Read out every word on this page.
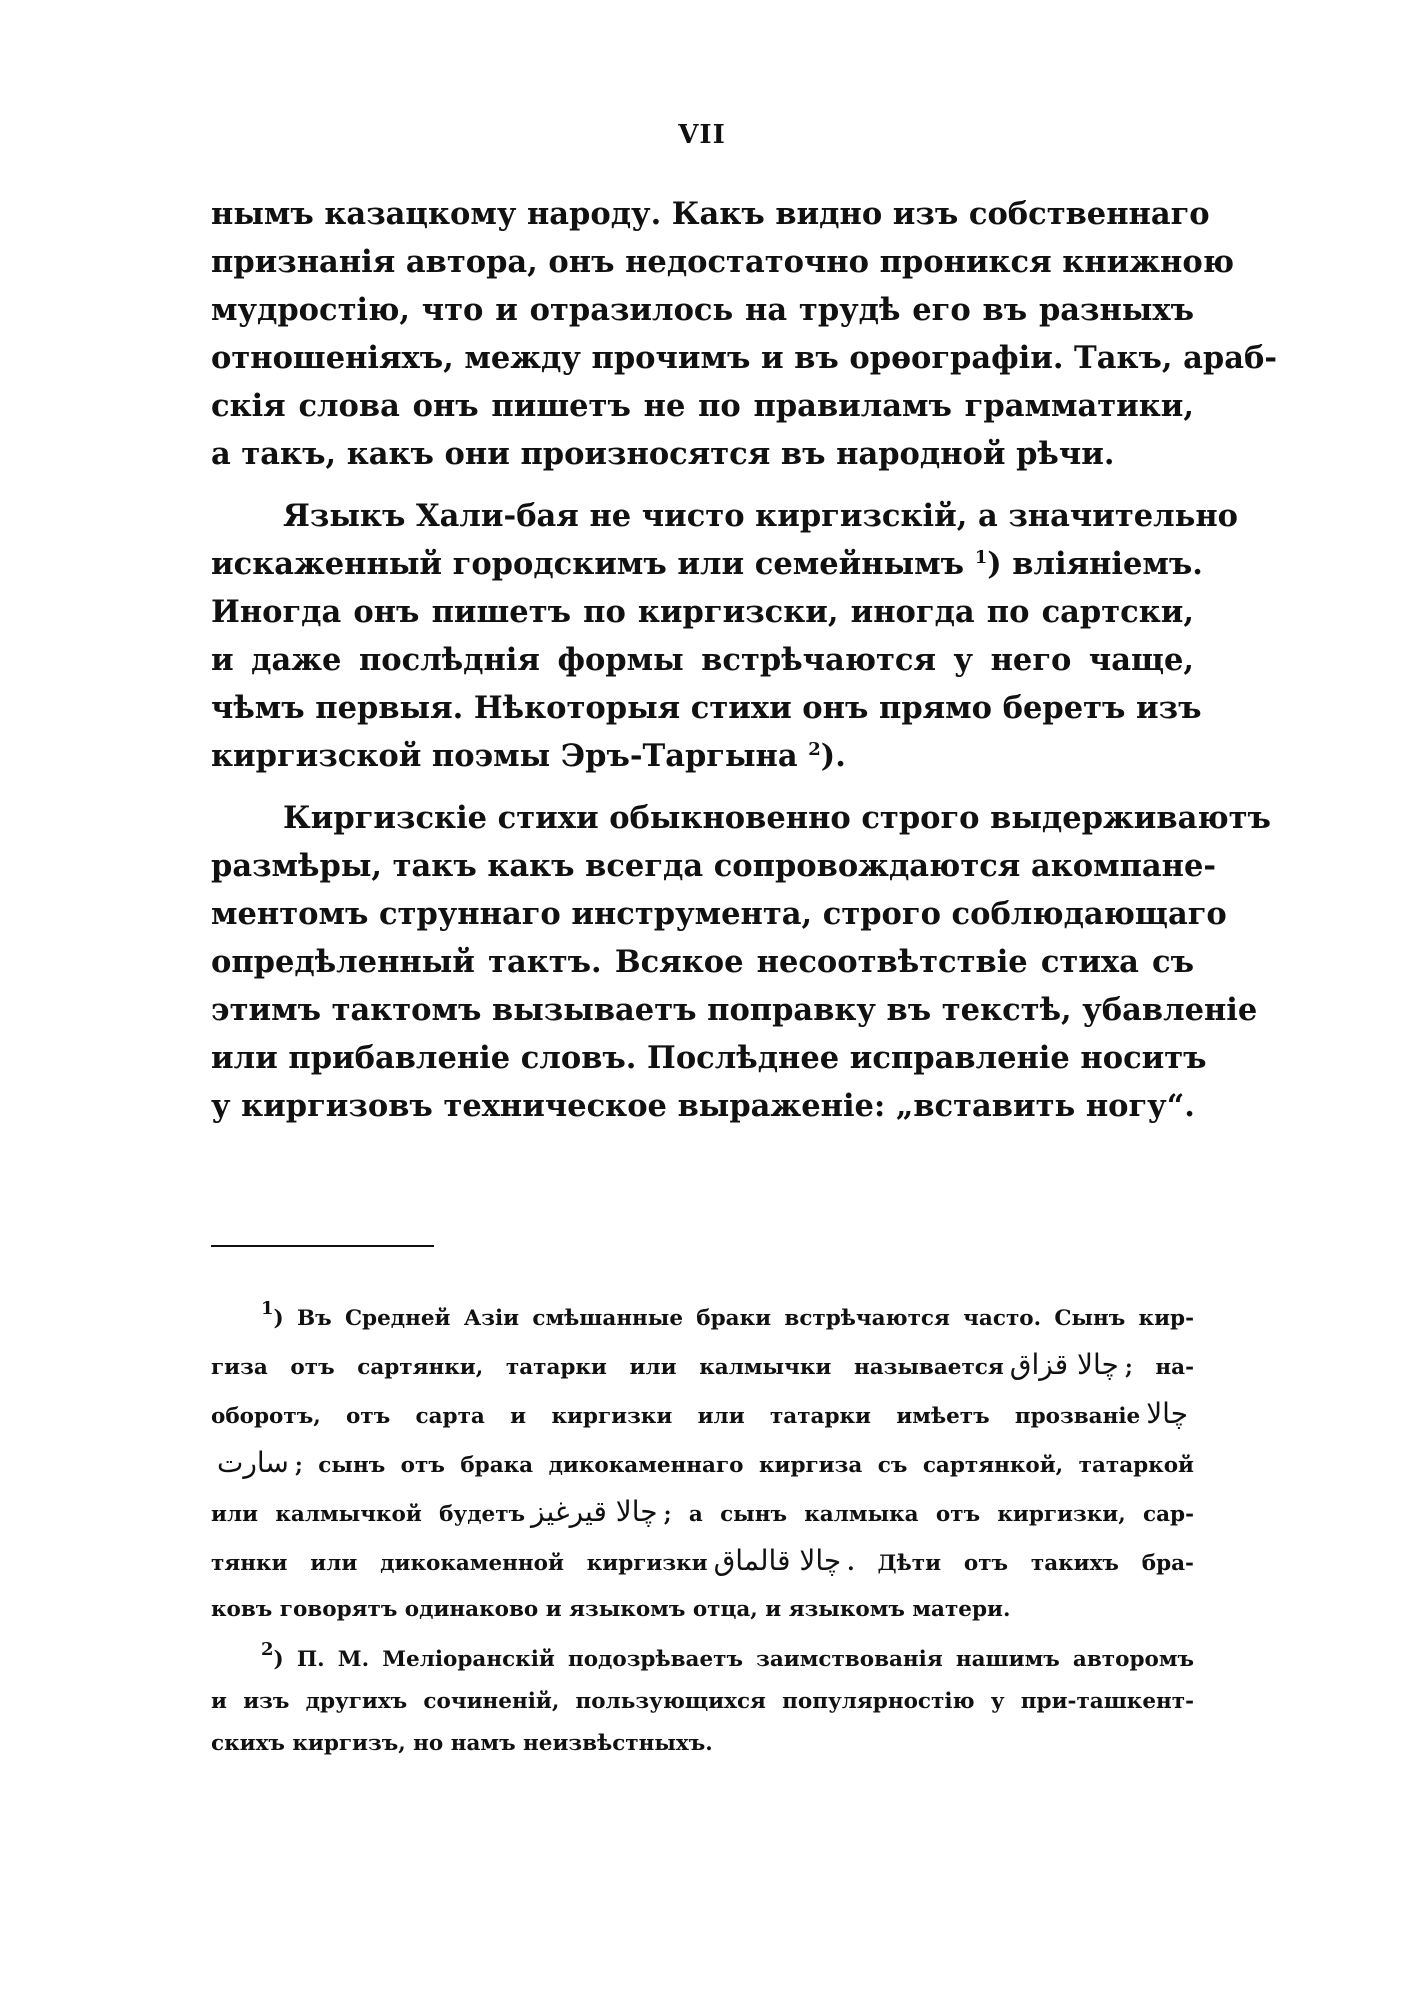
VII
нымъ казацкому народу. Какъ видно изъ собственнаго
признанія автора, онъ недостаточно проникся книжною
мудростію, что и отразилось на трудѣ его въ разныхъ
отношеніяхъ, между прочимъ и въ орѳографіи. Такъ, араб-
скія слова онъ пишетъ не по правиламъ грамматики,
а такъ, какъ они произносятся въ народной рѣчи.
Языкъ Хали-бая не чисто киргизскій, а значительно
искаженный городскимъ или семейнымъ $^1$) вліяніемъ.
Иногда онъ пишетъ по киргизски, иногда по сартски,
и даже послѣднія формы встрѣчаются у него чаще,
чѣмъ первыя. Нѣкоторыя стихи онъ прямо беретъ изъ
киргизской поэмы Эръ-Таргына $^2$).
Киргизскіе стихи обыкновенно строго выдерживаютъ
размѣры, такъ какъ всегда сопровождаются акомпане-
ментомъ струннаго инструмента, строго соблюдающаго
опредѣленный тактъ. Всякое несоотвѣтствіе стиха съ
этимъ тактомъ вызываетъ поправку въ текстѣ, убавленіе
или прибавленіе словъ. Послѣднее исправленіе носитъ
у киргизовъ техническое выраженіе: „вставить ногу“.
$^1$) Въ Средней Азіи смѣшанные браки встрѣчаются часто. Сынъ кир-
гиза отъ сартянки, татарки или калмычки называется چالا قزاق ; на-
оборотъ, отъ сарта и киргизки или татарки имѣетъ прозваніе چالا
سارت ; сынъ отъ брака дикокаменнаго киргиза съ сартянкой, татаркой
или калмычкой будетъ چالا قیرغیز ; а сынъ калмыка отъ киргизки, сар-
тянки или дикокаменной киргизки چالا قالماق . Дѣти отъ такихъ бра-
ковъ говорятъ одинаково и языкомъ отца, и языкомъ матери.
$^2$) П. М. Меліоранскій подозрѣваетъ заимствованія нашимъ авторомъ
и изъ другихъ сочиненій, пользующихся популярностію у при-ташкент-
скихъ киргизъ, но намъ неизвѣстныхъ.
